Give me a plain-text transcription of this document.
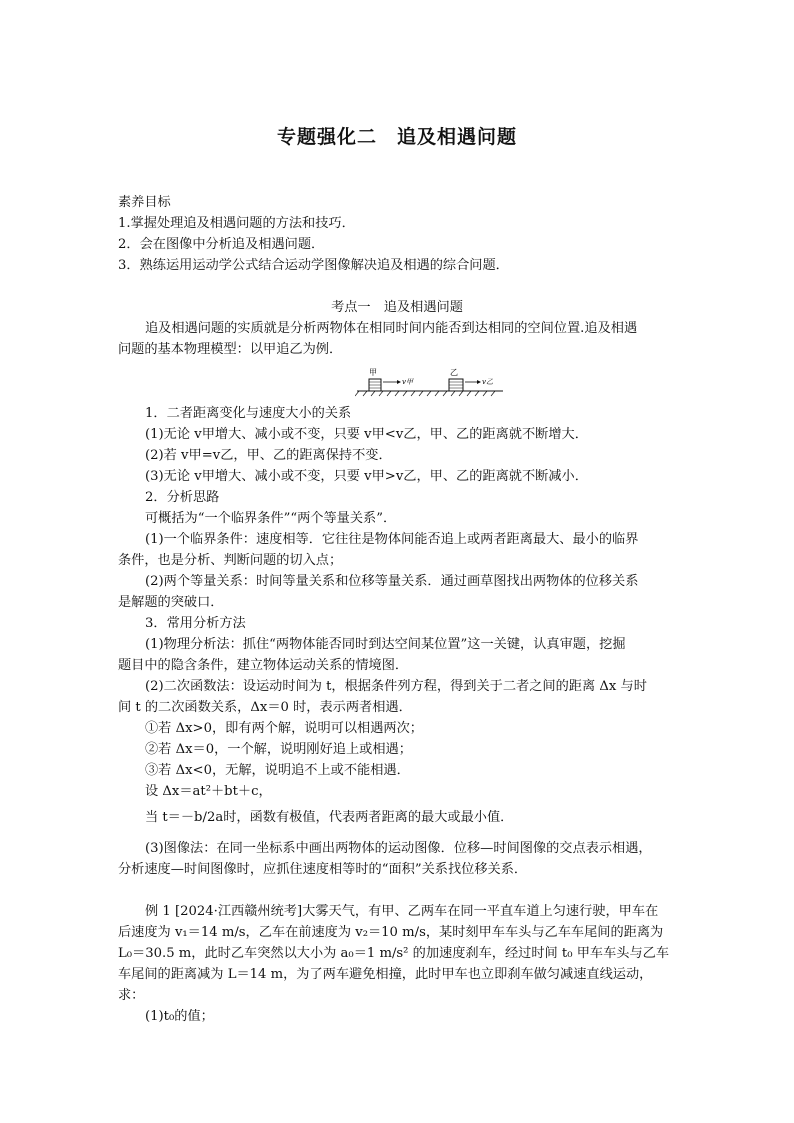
专题强化二　追及相遇问题
素养目标
1.掌握处理追及相遇问题的方法和技巧．
2．会在图像中分析追及相遇问题．
3．熟练运用运动学公式结合运动学图像解决追及相遇的综合问题．
考点一　追及相遇问题
追及相遇问题的实质就是分析两物体在相同时间内能否到达相同的空间位置.追及相遇
问题的基本物理模型：以甲追乙为例．
甲
v甲
乙
v乙
1．二者距离变化与速度大小的关系
(1)无论 v甲增大、减小或不变，只要 v甲<v乙，甲、乙的距离就不断增大．
(2)若 v甲=v乙，甲、乙的距离保持不变．
(3)无论 v甲增大、减小或不变，只要 v甲>v乙，甲、乙的距离就不断减小．
2．分析思路
可概括为“一个临界条件”“两个等量关系”．
(1)一个临界条件：速度相等．它往往是物体间能否追上或两者距离最大、最小的临界
条件，也是分析、判断问题的切入点；
(2)两个等量关系：时间等量关系和位移等量关系．通过画草图找出两物体的位移关系
是解题的突破口．
3．常用分析方法
(1)物理分析法：抓住“两物体能否同时到达空间某位置”这一关键，认真审题，挖掘
题目中的隐含条件，建立物体运动关系的情境图．
(2)二次函数法：设运动时间为 t，根据条件列方程，得到关于二者之间的距离 Δx 与时
间 t 的二次函数关系，Δx＝0 时，表示两者相遇．
①若 Δx>0，即有两个解，说明可以相遇两次；
②若 Δx＝0，一个解，说明刚好追上或相遇；
③若 Δx<0，无解，说明追不上或不能相遇．
设 Δx＝at²＋bt＋c，
当 t＝－b/2a时，函数有极值，代表两者距离的最大或最小值．
(3)图像法：在同一坐标系中画出两物体的运动图像．位移—时间图像的交点表示相遇，
分析速度—时间图像时，应抓住速度相等时的“面积”关系找位移关系．
例 1 [2024·江西赣州统考]大雾天气，有甲、乙两车在同一平直车道上匀速行驶，甲车在
后速度为 v₁＝14 m/s，乙车在前速度为 v₂＝10 m/s，某时刻甲车车头与乙车车尾间的距离为
L₀＝30.5 m，此时乙车突然以大小为 a₀＝1 m/s² 的加速度刹车，经过时间 t₀ 甲车车头与乙车
车尾间的距离减为 L＝14 m，为了两车避免相撞，此时甲车也立即刹车做匀减速直线运动，
求：
(1)t₀的值；
